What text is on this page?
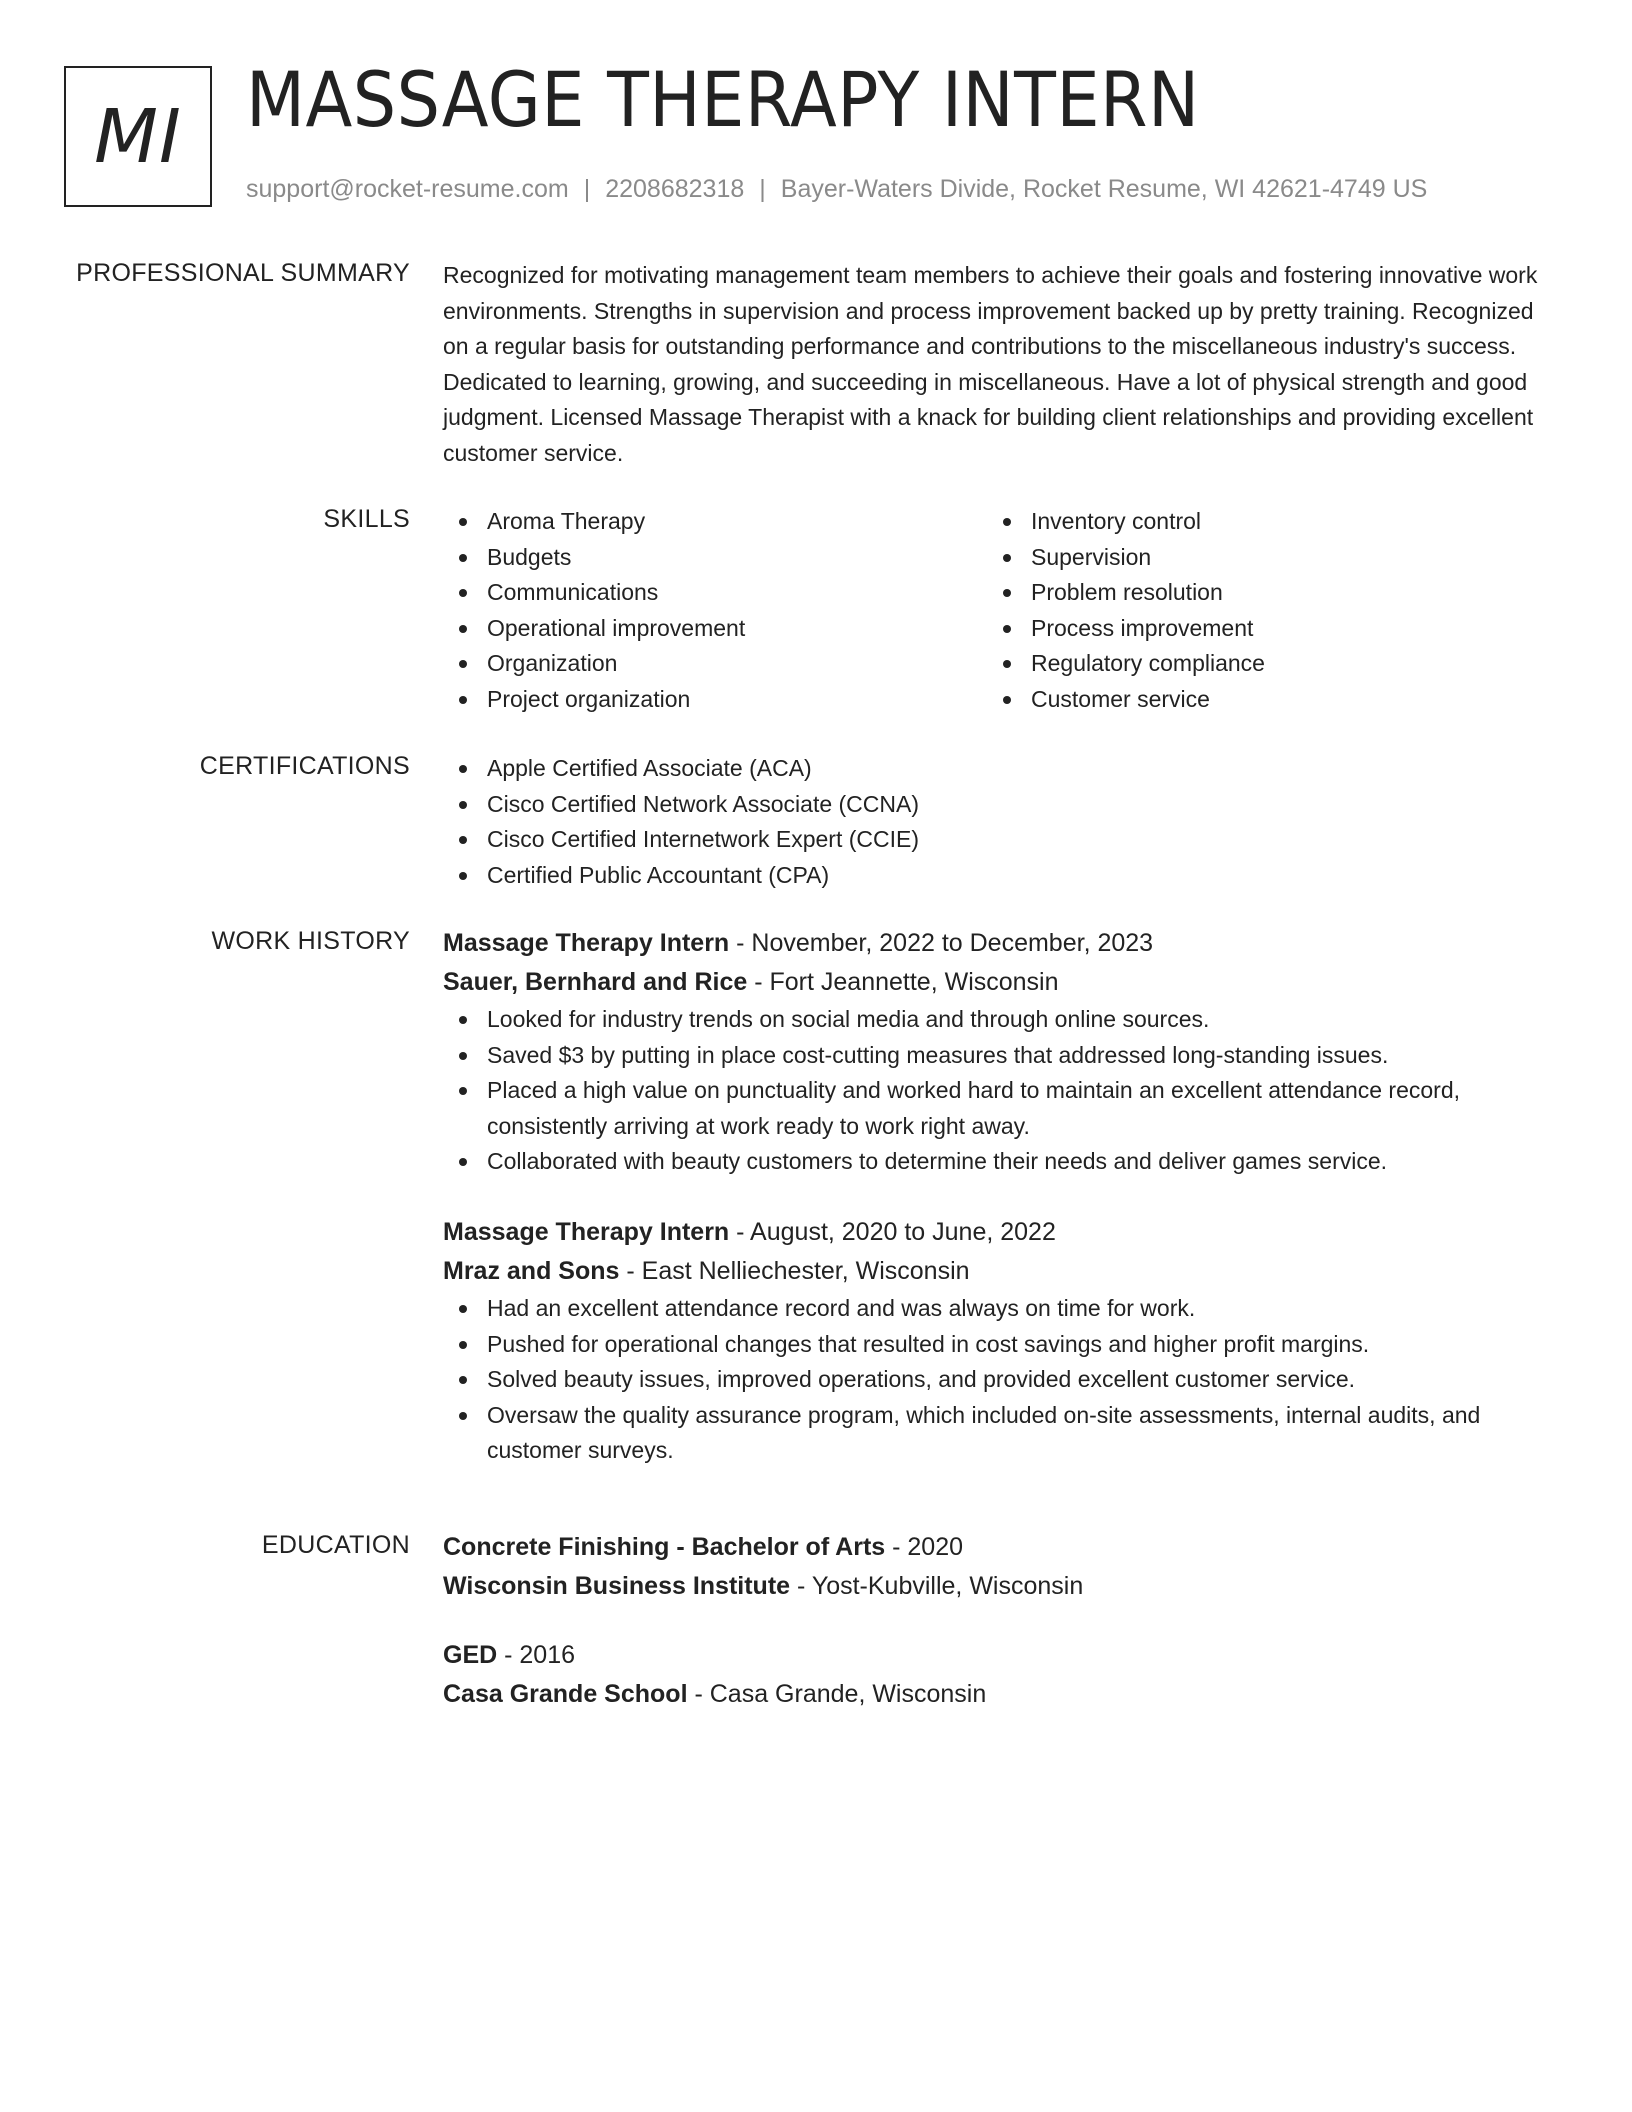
MI MASSAGE THERAPY INTERN
support@rocket-resume.com | 2208682318 | Bayer-Waters Divide, Rocket Resume, WI 42621-4749 US
PROFESSIONAL SUMMARY Recognized for motivating management team members to achieve their goals and fostering innovative work environments. Strengths in supervision and process improvement backed up by pretty training. Recognized on a regular basis for outstanding performance and contributions to the miscellaneous industry's success. Dedicated to learning, growing, and succeeding in miscellaneous. Have a lot of physical strength and good judgment. Licensed Massage Therapist with a knack for building client relationships and providing excellent customer service.

SKILLS	Aroma Therapy
Budgets
Communications
Operational improvement
Organization
Project organization
Inventory control
Supervision
Problem resolution
Process improvement
Regulatory compliance
Customer service
CERTIFICATIONS	Apple Certified Associate (ACA)
Cisco Certified Network Associate (CCNA)
Cisco Certified Internetwork Expert (CCIE)
Certified Public Accountant (CPA)
WORK HISTORY Massage Therapy Intern - November, 2022 to December, 2023
Sauer, Bernhard and Rice - Fort Jeannette, Wisconsin
Looked for industry trends on social media and through online sources.
Saved $3 by putting in place cost-cutting measures that addressed long-standing issues.
Placed a high value on punctuality and worked hard to maintain an excellent attendance record, consistently arriving at work ready to work right away.
Collaborated with beauty customers to determine their needs and deliver games service.
Massage Therapy Intern - August, 2020 to June, 2022
Mraz and Sons - East Nelliechester, Wisconsin
Had an excellent attendance record and was always on time for work.
Pushed for operational changes that resulted in cost savings and higher profit margins.
Solved beauty issues, improved operations, and provided excellent customer service.
Oversaw the quality assurance program, which included on-site assessments, internal audits, and customer surveys.
EDUCATION Concrete Finishing - Bachelor of Arts - 2020
Wisconsin Business Institute - Yost-Kubville, Wisconsin
GED - 2016
Casa Grande School - Casa Grande, Wisconsin
